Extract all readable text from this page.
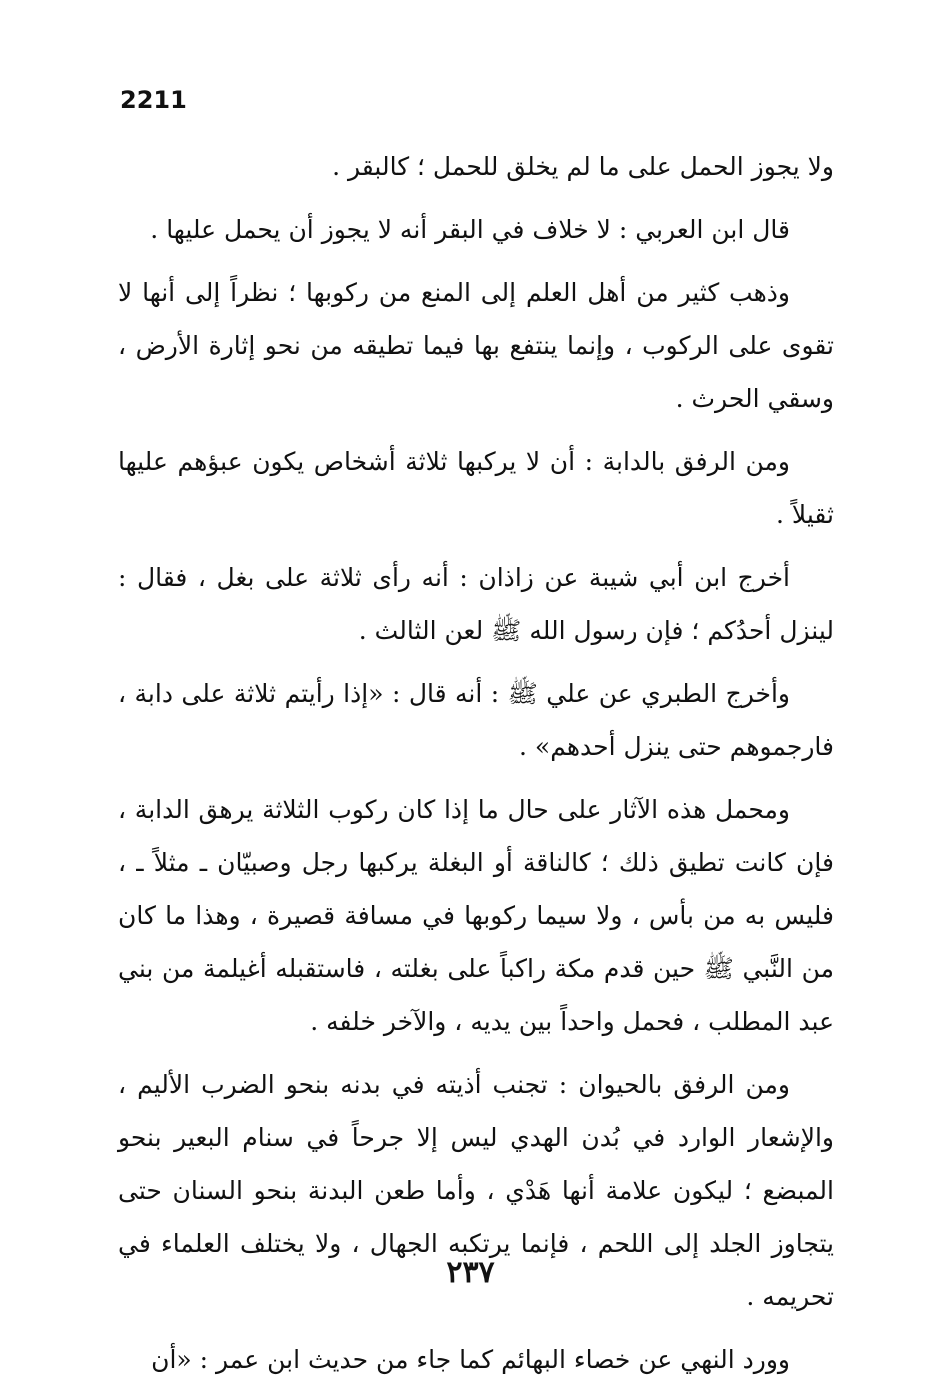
2211

ولا يجوز الحمل على ما لم يخلق للحمل ؛ كالبقر .

قال ابن العربي : لا خلاف في البقر أنه لا يجوز أن يحمل عليها .

وذهب كثير من أهل العلم إلى المنع من ركوبها ؛ نظراً إلى أنها لا تقوى على الركوب ، وإنما ينتفع بها فيما تطيقه من نحو إثارة الأرض ، وسقي الحرث .

ومن الرفق بالدابة : أن لا يركبها ثلاثة أشخاص يكون عبؤهم عليها ثقيلاً .

أخرج ابن أبي شيبة عن زاذان : أنه رأى ثلاثة على بغل ، فقال : لينزل أحدُكم ؛ فإن رسول الله ﷺ لعن الثالث .

وأخرج الطبري عن علي ﷺ : أنه قال : «إذا رأيتم ثلاثة على دابة ، فارجموهم حتى ينزل أحدهم» .

ومحمل هذه الآثار على حال ما إذا كان ركوب الثلاثة يرهق الدابة ، فإن كانت تطيق ذلك ؛ كالناقة أو البغلة يركبها رجل وصبيّان ـ مثلاً ـ ، فليس به من بأس ، ولا سيما ركوبها في مسافة قصيرة ، وهذا ما كان من النَّبي ﷺ حين قدم مكة راكباً على بغلته ، فاستقبله أغيلمة من بني عبد المطلب ، فحمل واحداً بين يديه ، والآخر خلفه .

ومن الرفق بالحيوان : تجنب أذيته في بدنه بنحو الضرب الأليم ، والإشعار الوارد في بُدن الهدي ليس إلا جرحاً في سنام البعير بنحو المبضع ؛ ليكون علامة أنها هَدْي ، وأما طعن البدنة بنحو السنان حتى يتجاوز الجلد إلى اللحم ، فإنما يرتكبه الجهال ، ولا يختلف العلماء في تحريمه .

وورد النهي عن خصاء البهائم كما جاء من حديث ابن عمر : «أن

٢٣٧
